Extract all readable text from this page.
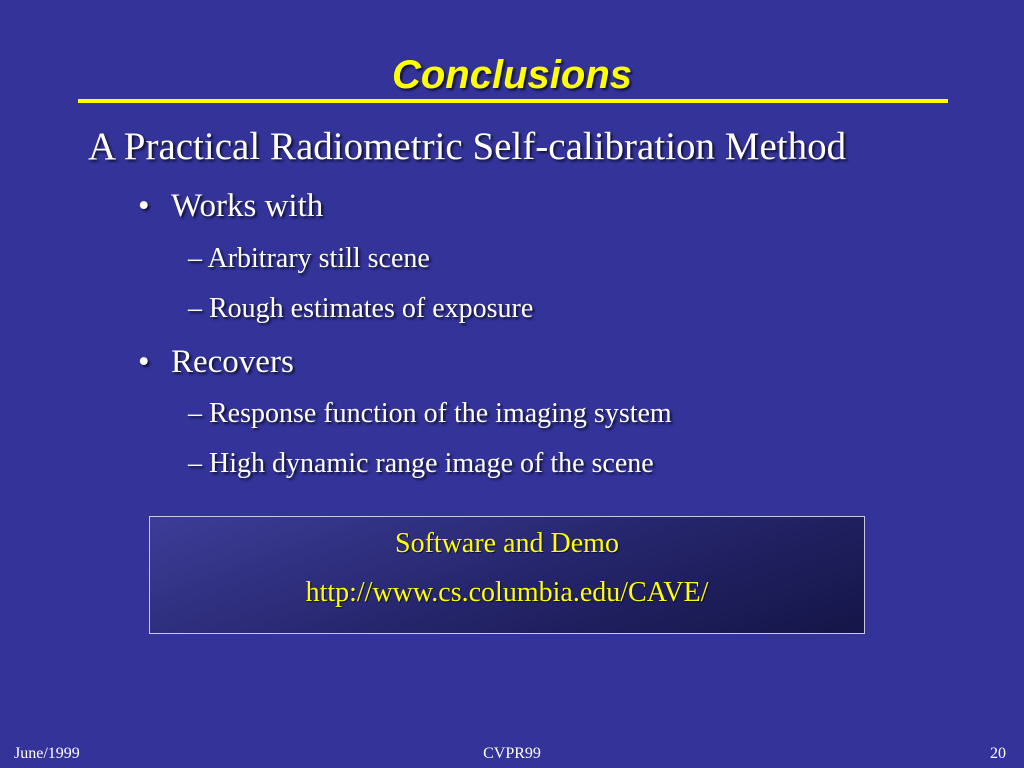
Conclusions
A Practical Radiometric Self-calibration Method
• Works with
– Arbitrary still scene
– Rough estimates of exposure
• Recovers
– Response function of the imaging system
– High dynamic range image of the scene
Software and Demo
http://www.cs.columbia.edu/CAVE/
June/1999	CVPR99	20
